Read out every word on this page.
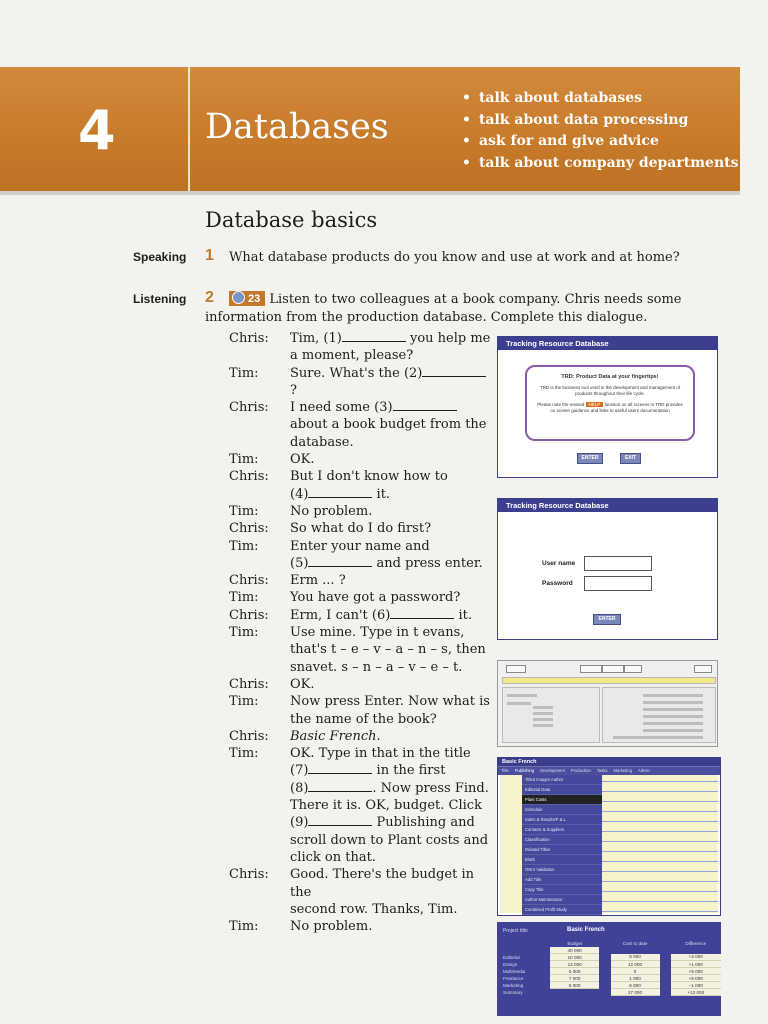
4	Databases
• talk about databases
• talk about data processing
• ask for and give advice
• talk about company departments
Database basics
Speaking 1 What database products do you know and use at work and at home?
Listening 2	23 Listen to two colleagues at a book company. Chris needs some
information from the production database. Complete this dialogue.
Chris:	Tim, (1)	you help me
a moment, please?
Tim:	Sure. What's the (2)?
Chris:	I need some (3)
about a book budget from the
database.
Tim:	OK.
Chris:	But I don't know how to
(4)	it.
Tim:	No problem.
Chris:	So what do I do first?
Tim:	Enter your name and
(5)	and press enter.
Chris:	Erm ... ?
Tim:	You have got a password?
Chris:	Erm, I can't (6)	it.
Tim:	Use mine. Type in t evans,
that's t – e – v – a – n – s, then
snavet. s – n – a – v – e – t.
Chris:	OK.
Tim:	Now press Enter. Now what is
the name of the book?
Chris:	Basic French.
Tim:	OK. Type in that in the title
(7)	in the first
(8)	. Now press Find.
There it is. OK, budget. Click
(9)	Publishing and
scroll down to Plant costs and
click on that.
Chris:	Good. There's the budget in the
second row. Thanks, Tim.
Tim:	No problem.
Tracking Resource Database
TRD: Product Data at your fingertips!

TRD is the business tool used in the development and management of products throughout their life cycle.

Please note the revised HELP function on all screens in TRD provides on screen guidance and links to useful users documentation

ENTER	EXIT
Tracking Resource Database
User name
Password
ENTER
Basic French
Title	Publishing	Development	Production	Tasks	Marketing	Admin
Titled Images Author
Editorial Data
Plant Costs
Schedule
Sales & Results/P & L
Contacts & Suppliers
Classification
Related Titles
Blurb
ONIX Validation
Add Title
Copy Title
Author Maintenance
Combined Profit Study
Project title	Basic French
	Budget		Cost to date		Difference
	40 000				
Editorial	10 000		8 000		+2 000
Design	13 000		12 000		+1 000
Multimedia	5 000		0		+5 000
Freelance	7 000		1 000		+6 000
Marketing	5 000		6 000		−1 000
Summary			27 000		+13 000
